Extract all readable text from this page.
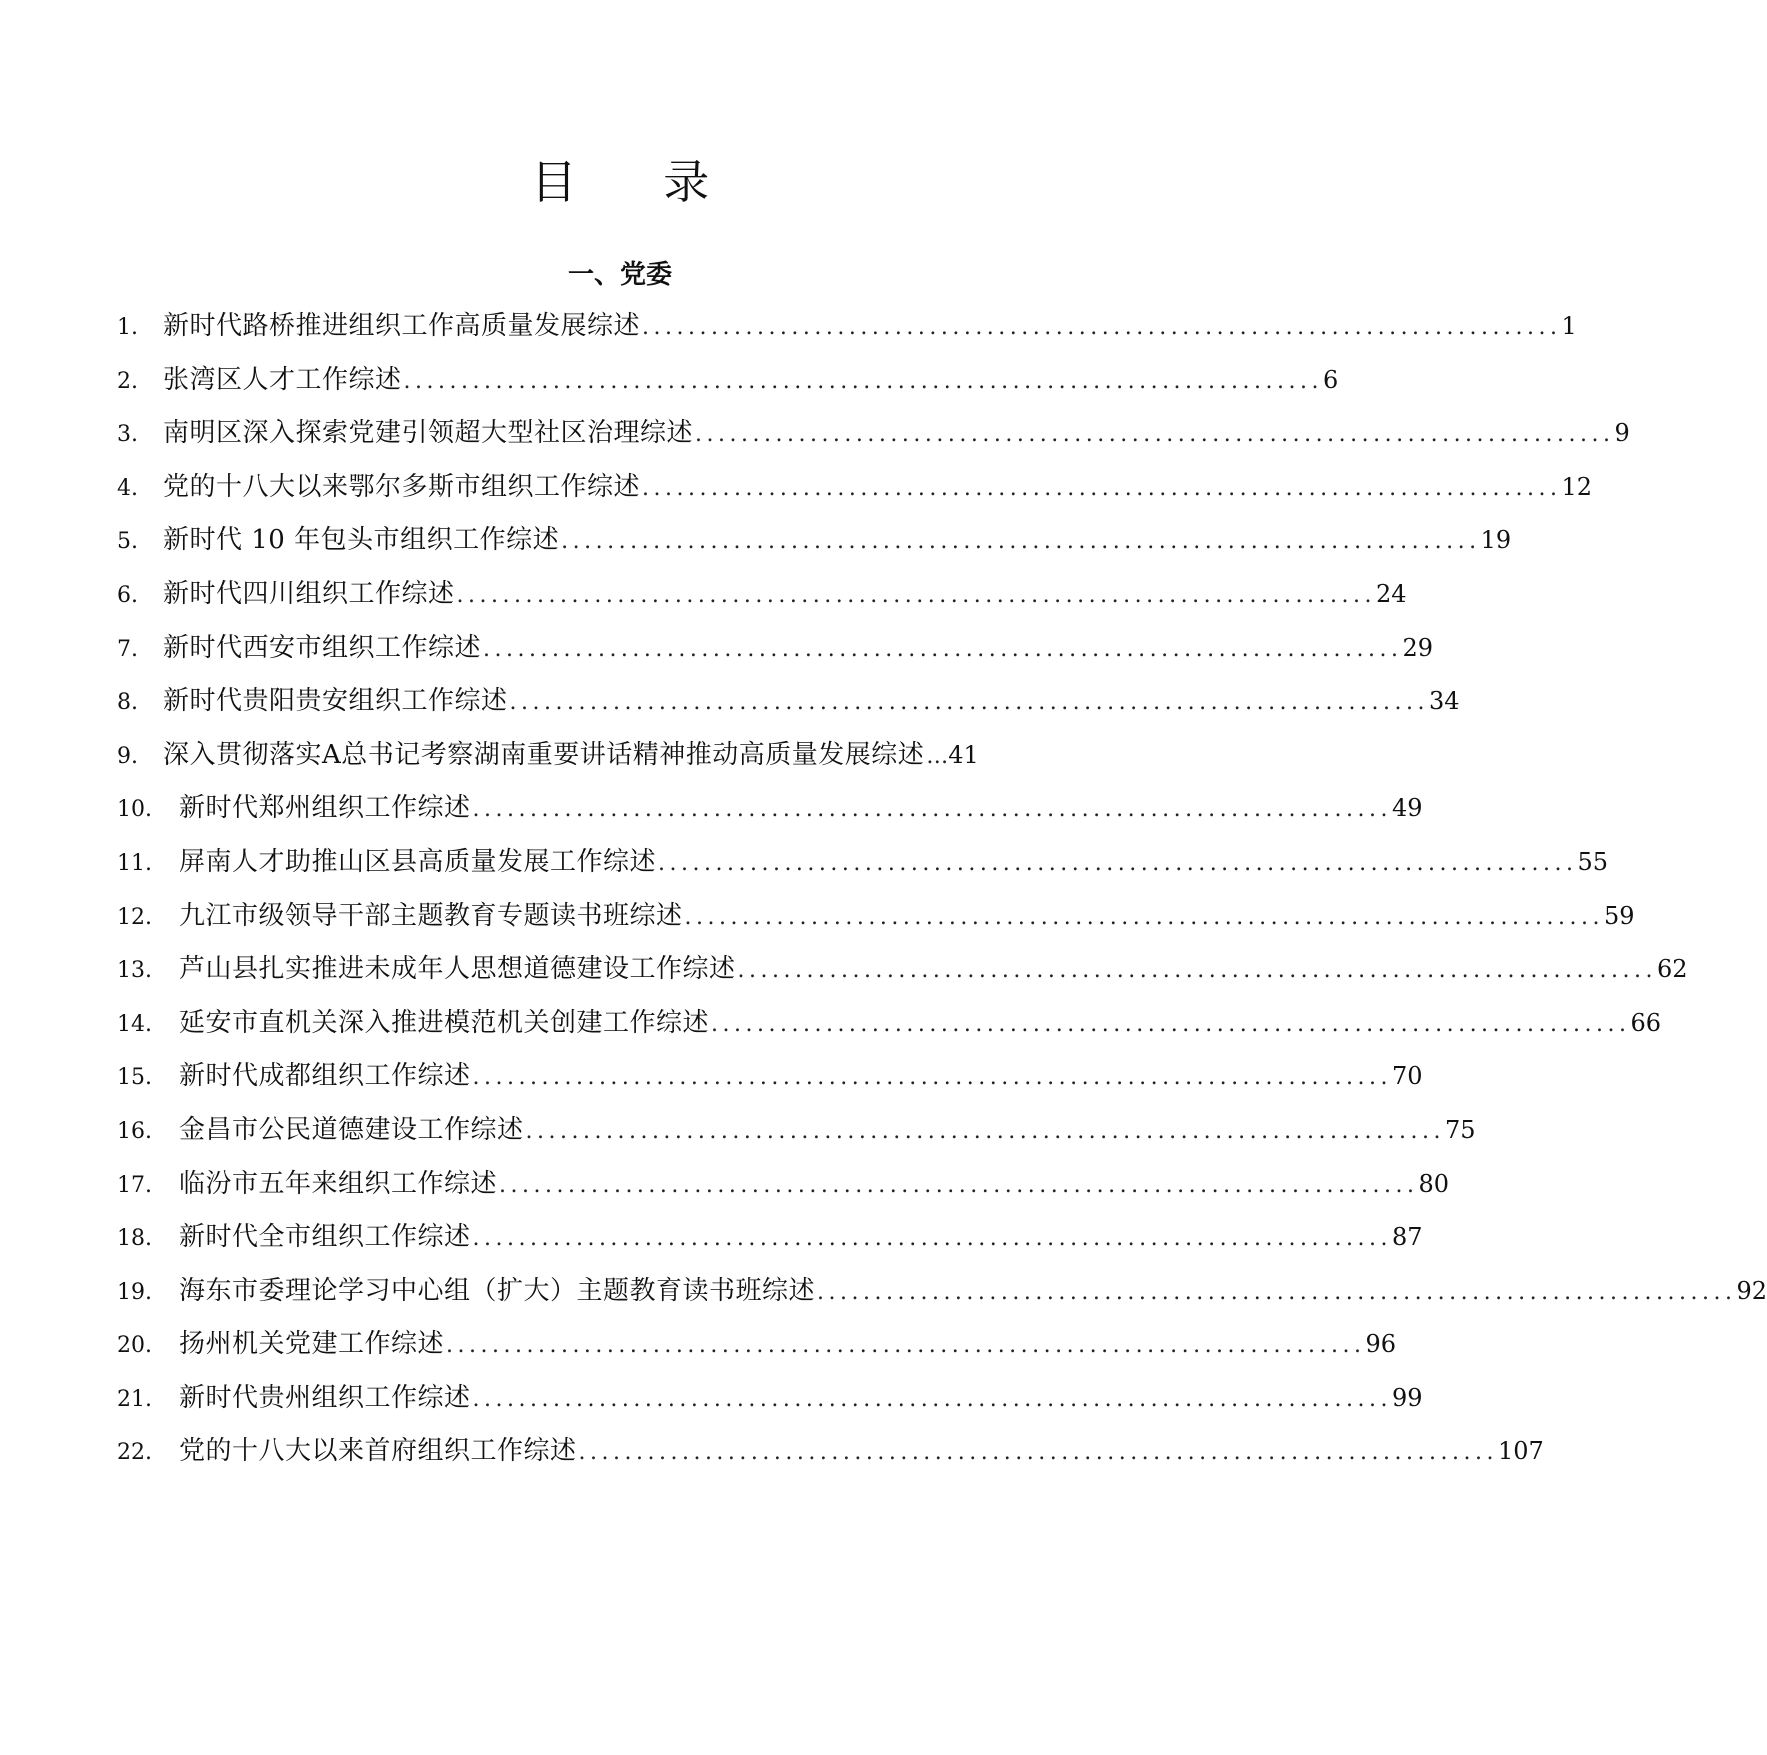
目 录
一、党委
1. 新时代路桥推进组织工作高质量发展综述 ................................................................................ 1
2. 张湾区人才工作综述 ................................................................................ 6
3. 南明区深入探索党建引领超大型社区治理综述 ................................................................................ 9
4. 党的十八大以来鄂尔多斯市组织工作综述 ................................................................................ 12
5. 新时代 10 年包头市组织工作综述 ................................................................................ 19
6. 新时代四川组织工作综述 ................................................................................ 24
7. 新时代西安市组织工作综述 ................................................................................ 29
8. 新时代贵阳贵安组织工作综述 ................................................................................ 34
9. 深入贯彻落实A总书记考察湖南重要讲话精神推动高质量发展综述 … 41
10.	新时代郑州组织工作综述 ................................................................................ 49
11.	屏南人才助推山区县高质量发展工作综述 ................................................................................ 55
12.	九江市级领导干部主题教育专题读书班综述 ................................................................................ 59
13.	芦山县扎实推进未成年人思想道德建设工作综述 ................................................................................ 62
14.	延安市直机关深入推进模范机关创建工作综述 ................................................................................ 66
15.	新时代成都组织工作综述 ................................................................................ 70
16.	金昌市公民道德建设工作综述 ................................................................................ 75
17.	临汾市五年来组织工作综述 ................................................................................ 80
18.	新时代全市组织工作综述 ................................................................................ 87
19.	海东市委理论学习中心组（扩大）主题教育读书班综述 ................................................................................ 92
20.	扬州机关党建工作综述 ................................................................................ 96
21.	新时代贵州组织工作综述 ................................................................................ 99
22.	党的十八大以来首府组织工作综述 ................................................................................ 107
